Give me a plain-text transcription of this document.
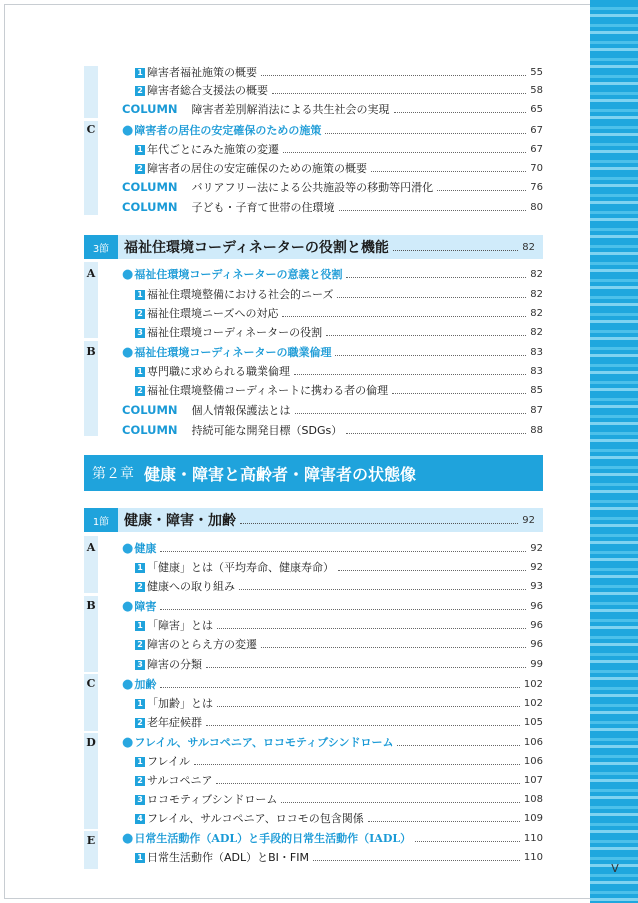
C
A
B
A
B
C
D
E
1 障害者福祉施策の概要	55
2 障害者総合支援法の概要	58
COLUMN 障害者差別解消法による共生社会の実現	65
●障害者の居住の安定確保のための施策	67
1 年代ごとにみた施策の変遷	67
2 障害者の居住の安定確保のための施策の概要	70
COLUMN バリアフリー法による公共施設等の移動等円滑化	76
COLUMN 子ども・子育て世帯の住環境	80
3節	福祉住環境コーディネーターの役割と機能	82
●福祉住環境コーディネーターの意義と役割	82
1 福祉住環境整備における社会的ニーズ	82
2 福祉住環境ニーズへの対応	82
3 福祉住環境コーディネーターの役割	82
●福祉住環境コーディネーターの職業倫理	83
1 専門職に求められる職業倫理	83
2 福祉住環境整備コーディネートに携わる者の倫理	85
COLUMN 個人情報保護法とは	87
COLUMN 持続可能な開発目標（SDGs）	88
第２章 健康・障害と高齢者・障害者の状態像
1節	健康・障害・加齢	92
●健康	92
1 「健康」とは（平均寿命、健康寿命）	92
2 健康への取り組み	93
●障害	96
1 「障害」とは	96
2 障害のとらえ方の変遷	96
3 障害の分類	99
●加齢	102
1 「加齢」とは	102
2 老年症候群	105
●フレイル、サルコペニア、ロコモティブシンドローム	106
1 フレイル	106
2 サルコペニア	107
3 ロコモティブシンドローム	108
4 フレイル、サルコペニア、ロコモの包含関係	109
●日常生活動作（ADL）と手段的日常生活動作（IADL）	110
1 日常生活動作（ADL）とBI・FIM	110
V
